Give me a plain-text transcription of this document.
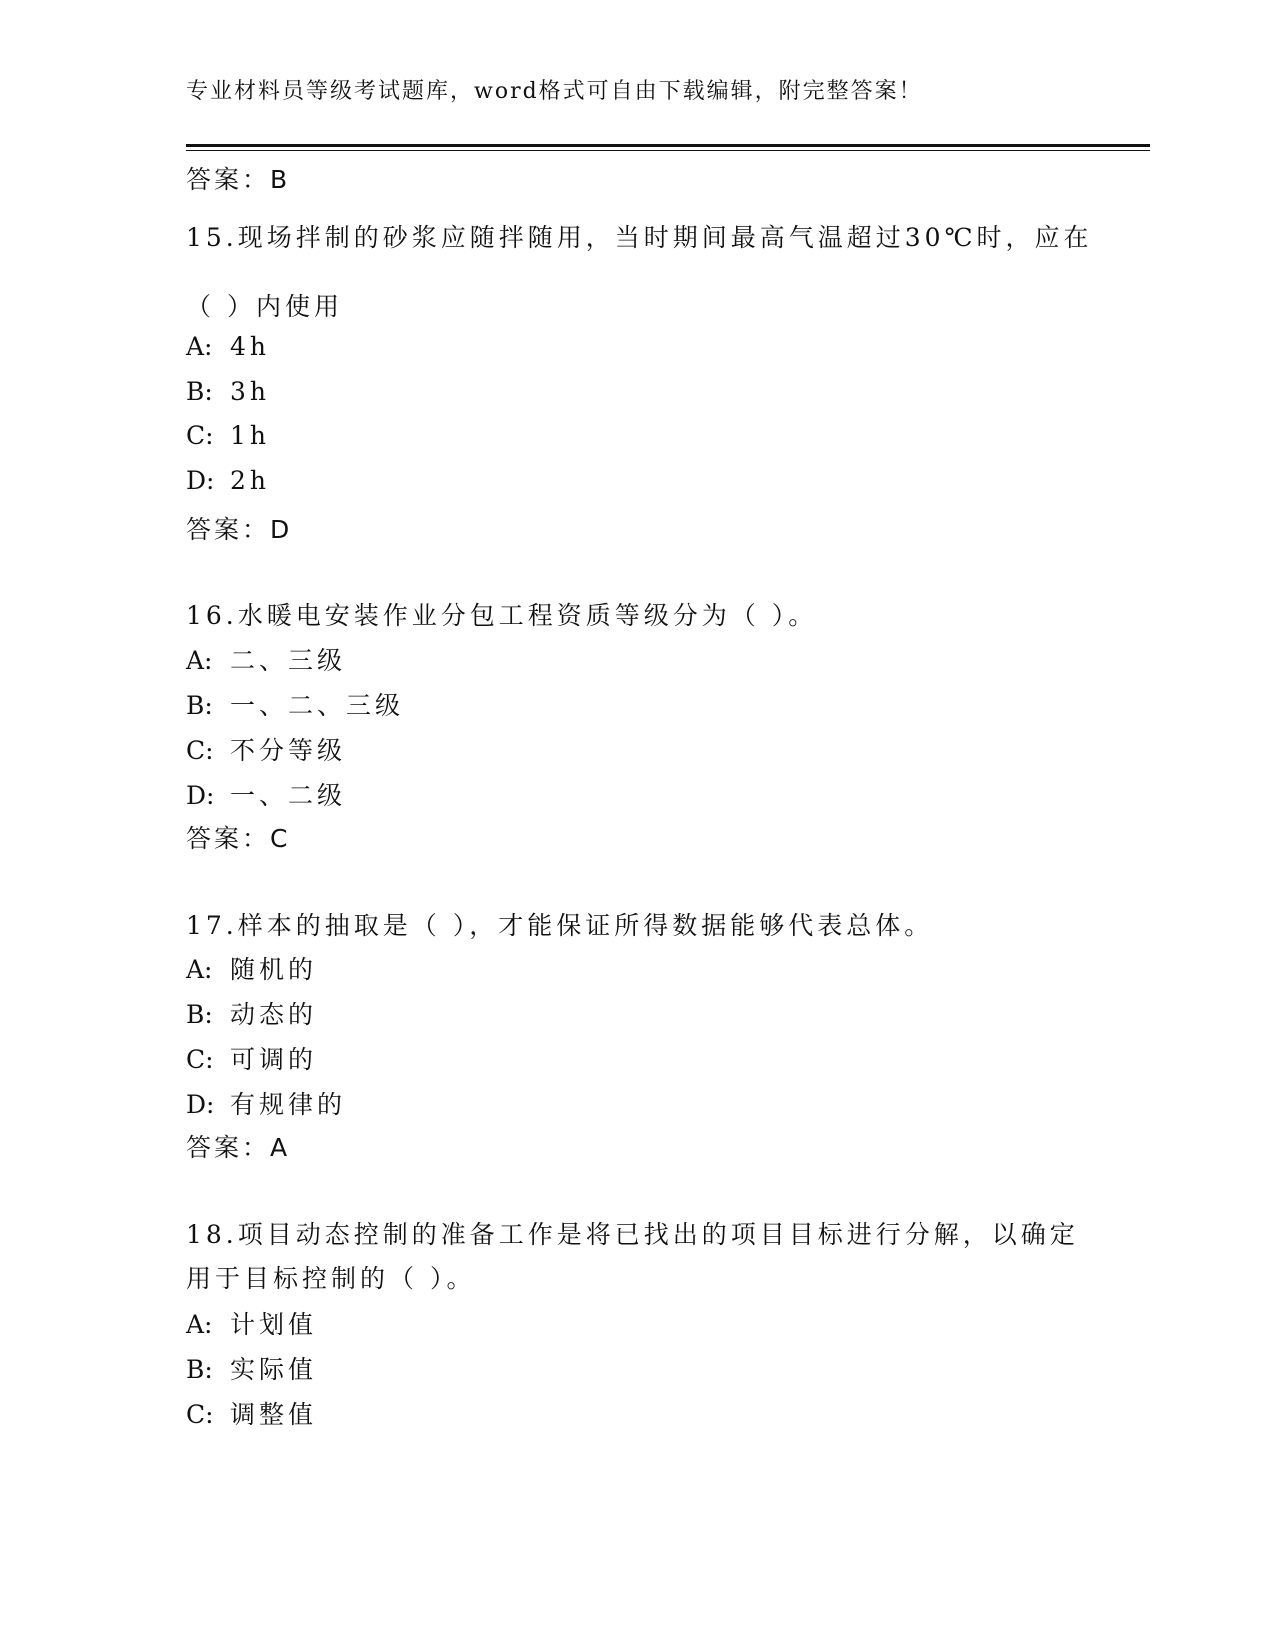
专业材料员等级考试题库，word格式可自由下载编辑，附完整答案！
答案：B
15.现场拌制的砂浆应随拌随用，当时期间最高气温超过30℃时，应在
（ ）内使用
A: 4h
B: 3h
C: 1h
D: 2h
答案：D
16.水暖电安装作业分包工程资质等级分为（ ）。
A: 二、三级
B: 一、二、三级
C: 不分等级
D: 一、二级
答案：C
17.样本的抽取是（ ），才能保证所得数据能够代表总体。
A: 随机的
B: 动态的
C: 可调的
D: 有规律的
答案：A
18.项目动态控制的准备工作是将已找出的项目目标进行分解，以确定
用于目标控制的（ ）。
A: 计划值
B: 实际值
C: 调整值
